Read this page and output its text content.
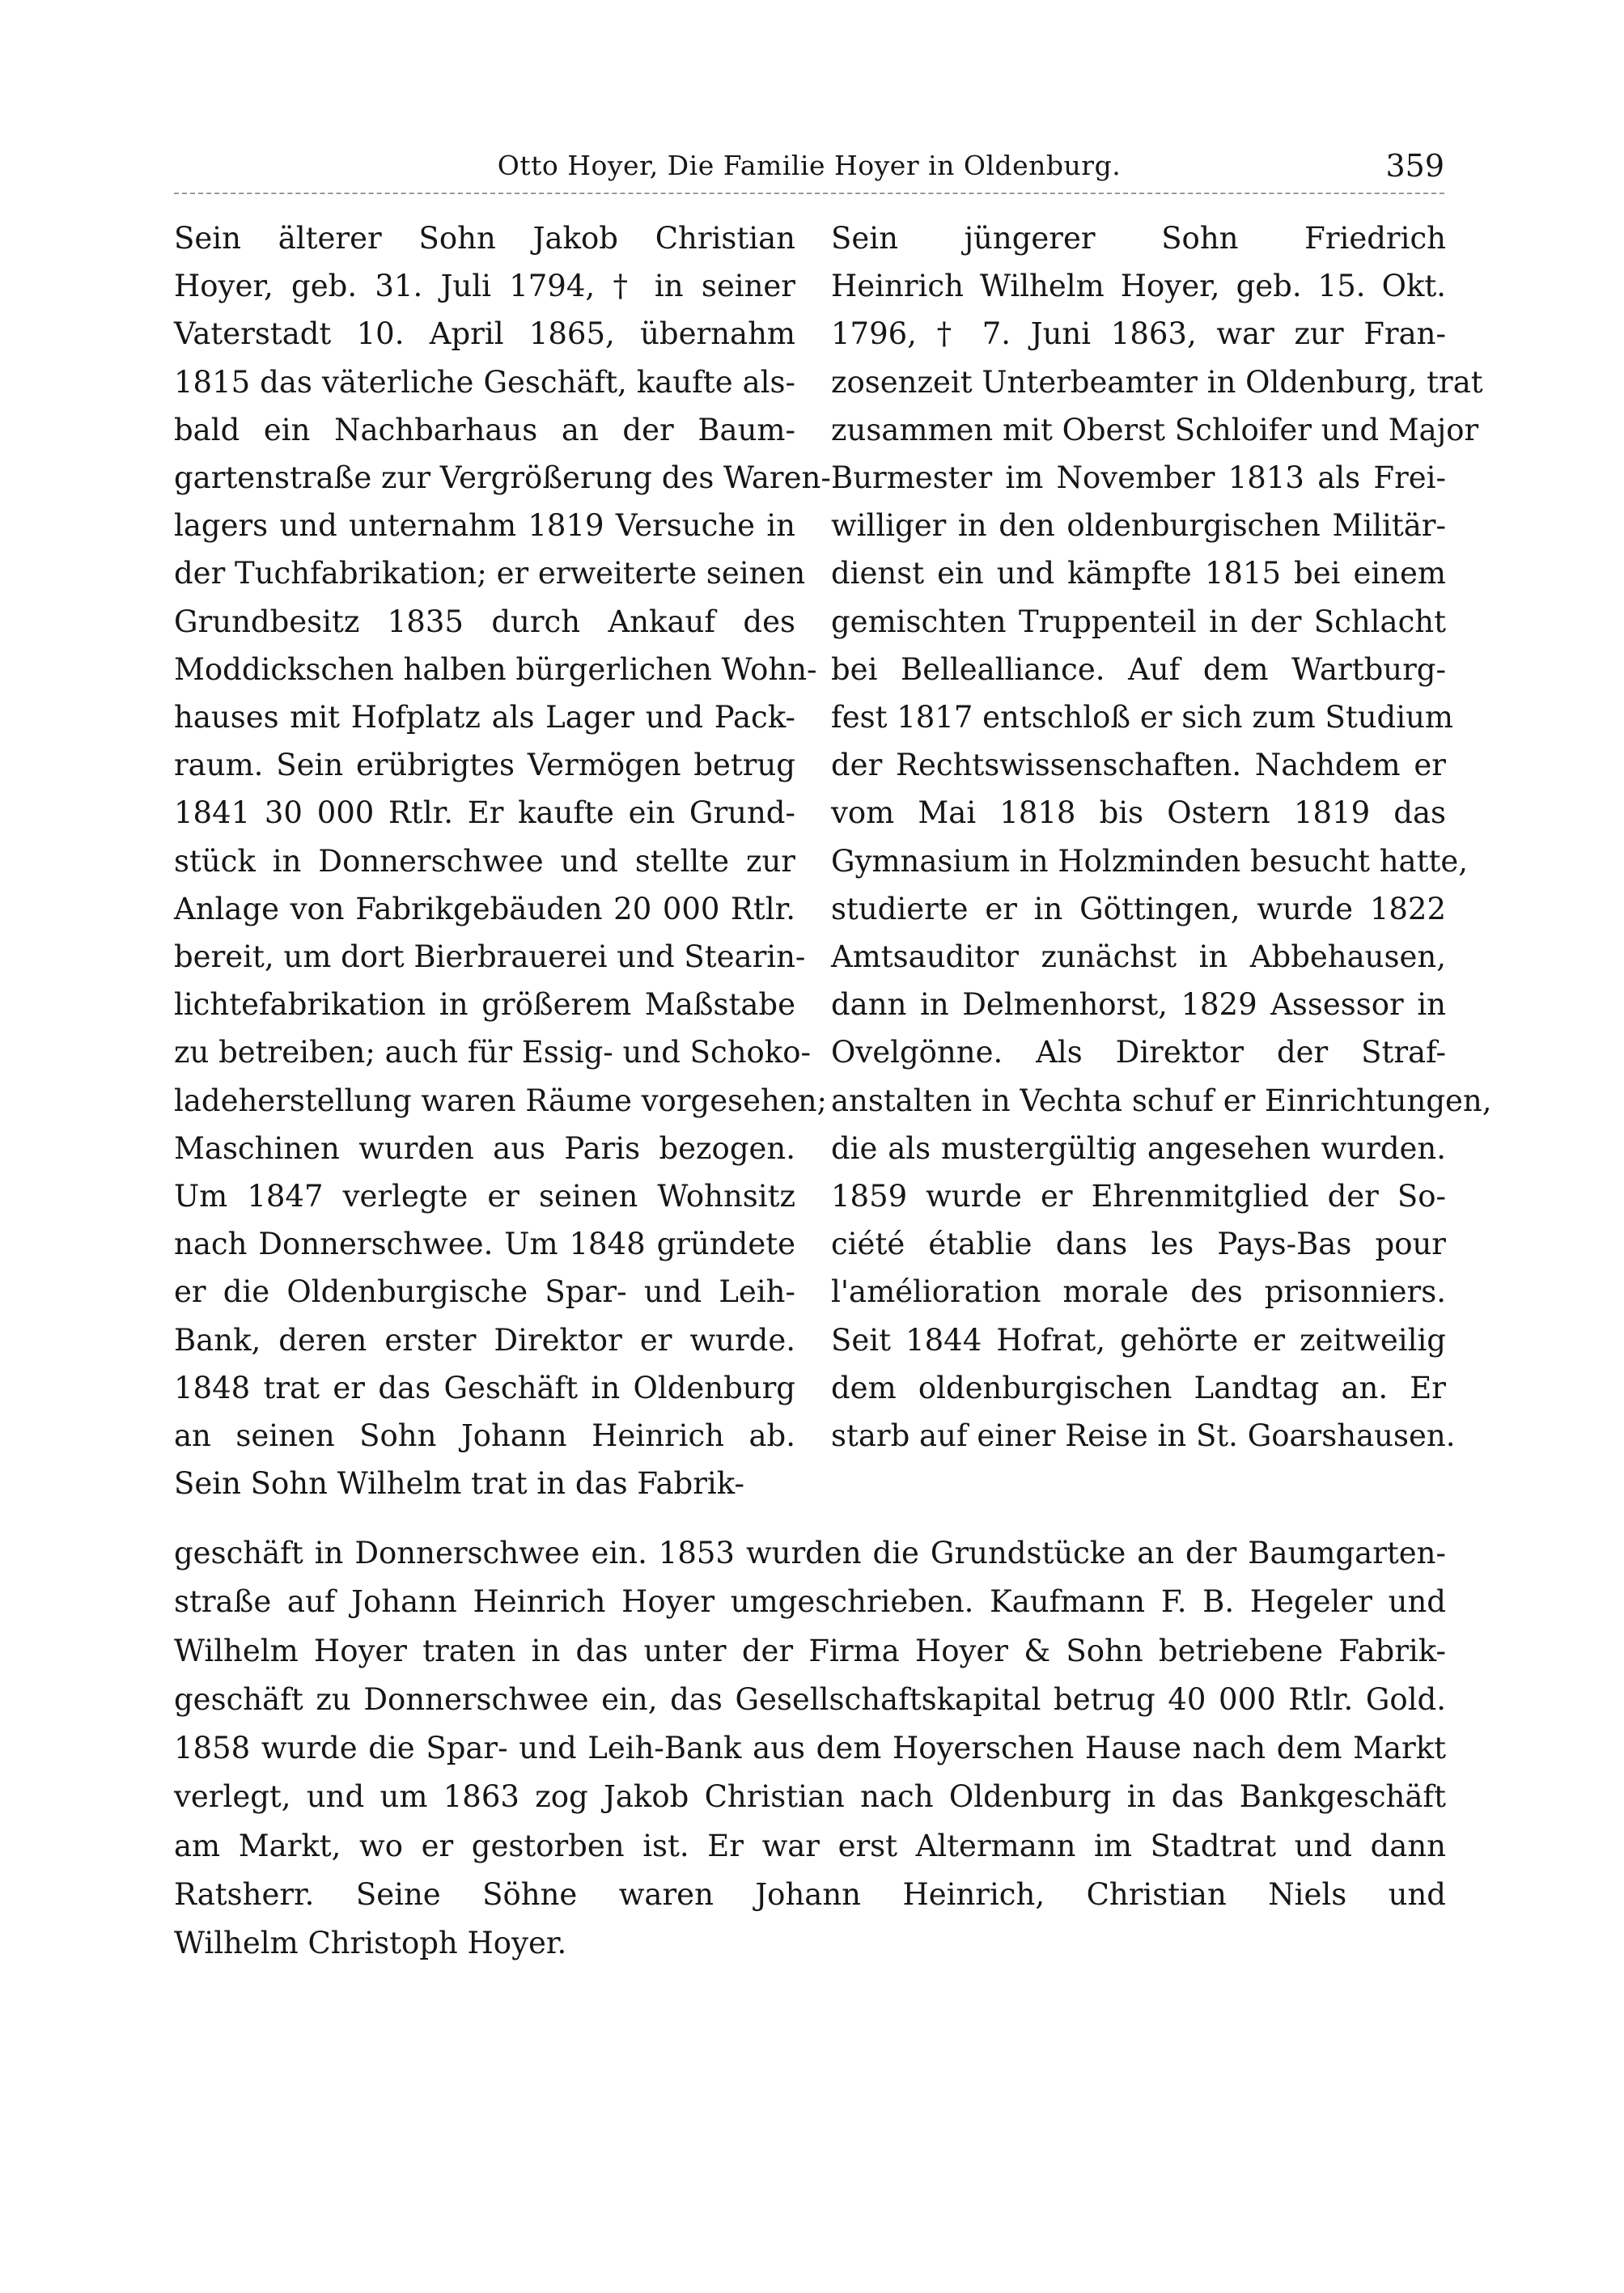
Otto Hoyer, Die Familie Hoyer in Oldenburg.	359
Sein älterer Sohn Jakob Christian
Hoyer, geb. 31. Juli 1794, † in seiner
Vaterstadt 10. April 1865, übernahm
1815 das väterliche Geschäft, kaufte als-
bald ein Nachbarhaus an der Baum-
gartenstraße zur Vergrößerung des Waren-
lagers und unternahm 1819 Versuche in
der Tuchfabrikation; er erweiterte seinen
Grundbesitz 1835 durch Ankauf des
Moddickschen halben bürgerlichen Wohn-
hauses mit Hofplatz als Lager und Pack-
raum. Sein erübrigtes Vermögen betrug
1841 30 000 Rtlr. Er kaufte ein Grund-
stück in Donnerschwee und stellte zur
Anlage von Fabrikgebäuden 20 000 Rtlr.
bereit, um dort Bierbrauerei und Stearin-
lichtefabrikation in größerem Maßstabe
zu betreiben; auch für Essig- und Schoko-
ladeherstellung waren Räume vorgesehen;
Maschinen wurden aus Paris bezogen.
Um 1847 verlegte er seinen Wohnsitz
nach Donnerschwee. Um 1848 gründete
er die Oldenburgische Spar- und Leih-
Bank, deren erster Direktor er wurde.
1848 trat er das Geschäft in Oldenburg
an seinen Sohn Johann Heinrich ab.
Sein Sohn Wilhelm trat in das Fabrik-
Sein jüngerer Sohn Friedrich
Heinrich Wilhelm Hoyer, geb. 15. Okt.
1796, † 7. Juni 1863, war zur Fran-
zosenzeit Unterbeamter in Oldenburg, trat
zusammen mit Oberst Schloifer und Major
Burmester im November 1813 als Frei-
williger in den oldenburgischen Militär-
dienst ein und kämpfte 1815 bei einem
gemischten Truppenteil in der Schlacht
bei Bellealliance. Auf dem Wartburg-
fest 1817 entschloß er sich zum Studium
der Rechtswissenschaften. Nachdem er
vom Mai 1818 bis Ostern 1819 das
Gymnasium in Holzminden besucht hatte,
studierte er in Göttingen, wurde 1822
Amtsauditor zunächst in Abbehausen,
dann in Delmenhorst, 1829 Assessor in
Ovelgönne. Als Direktor der Straf-
anstalten in Vechta schuf er Einrichtungen,
die als mustergültig angesehen wurden.
1859 wurde er Ehrenmitglied der So-
ciété établie dans les Pays-Bas pour
l'amélioration morale des prisonniers.
Seit 1844 Hofrat, gehörte er zeitweilig
dem oldenburgischen Landtag an. Er
starb auf einer Reise in St. Goarshausen.
geschäft in Donnerschwee ein. 1853 wurden die Grundstücke an der Baumgarten-
straße auf Johann Heinrich Hoyer umgeschrieben. Kaufmann F. B. Hegeler und
Wilhelm Hoyer traten in das unter der Firma Hoyer & Sohn betriebene Fabrik-
geschäft zu Donnerschwee ein, das Gesellschaftskapital betrug 40 000 Rtlr. Gold.
1858 wurde die Spar- und Leih-Bank aus dem Hoyerschen Hause nach dem Markt
verlegt, und um 1863 zog Jakob Christian nach Oldenburg in das Bankgeschäft
am Markt, wo er gestorben ist. Er war erst Altermann im Stadtrat und dann
Ratsherr. Seine Söhne waren Johann Heinrich, Christian Niels und
Wilhelm Christoph Hoyer.
